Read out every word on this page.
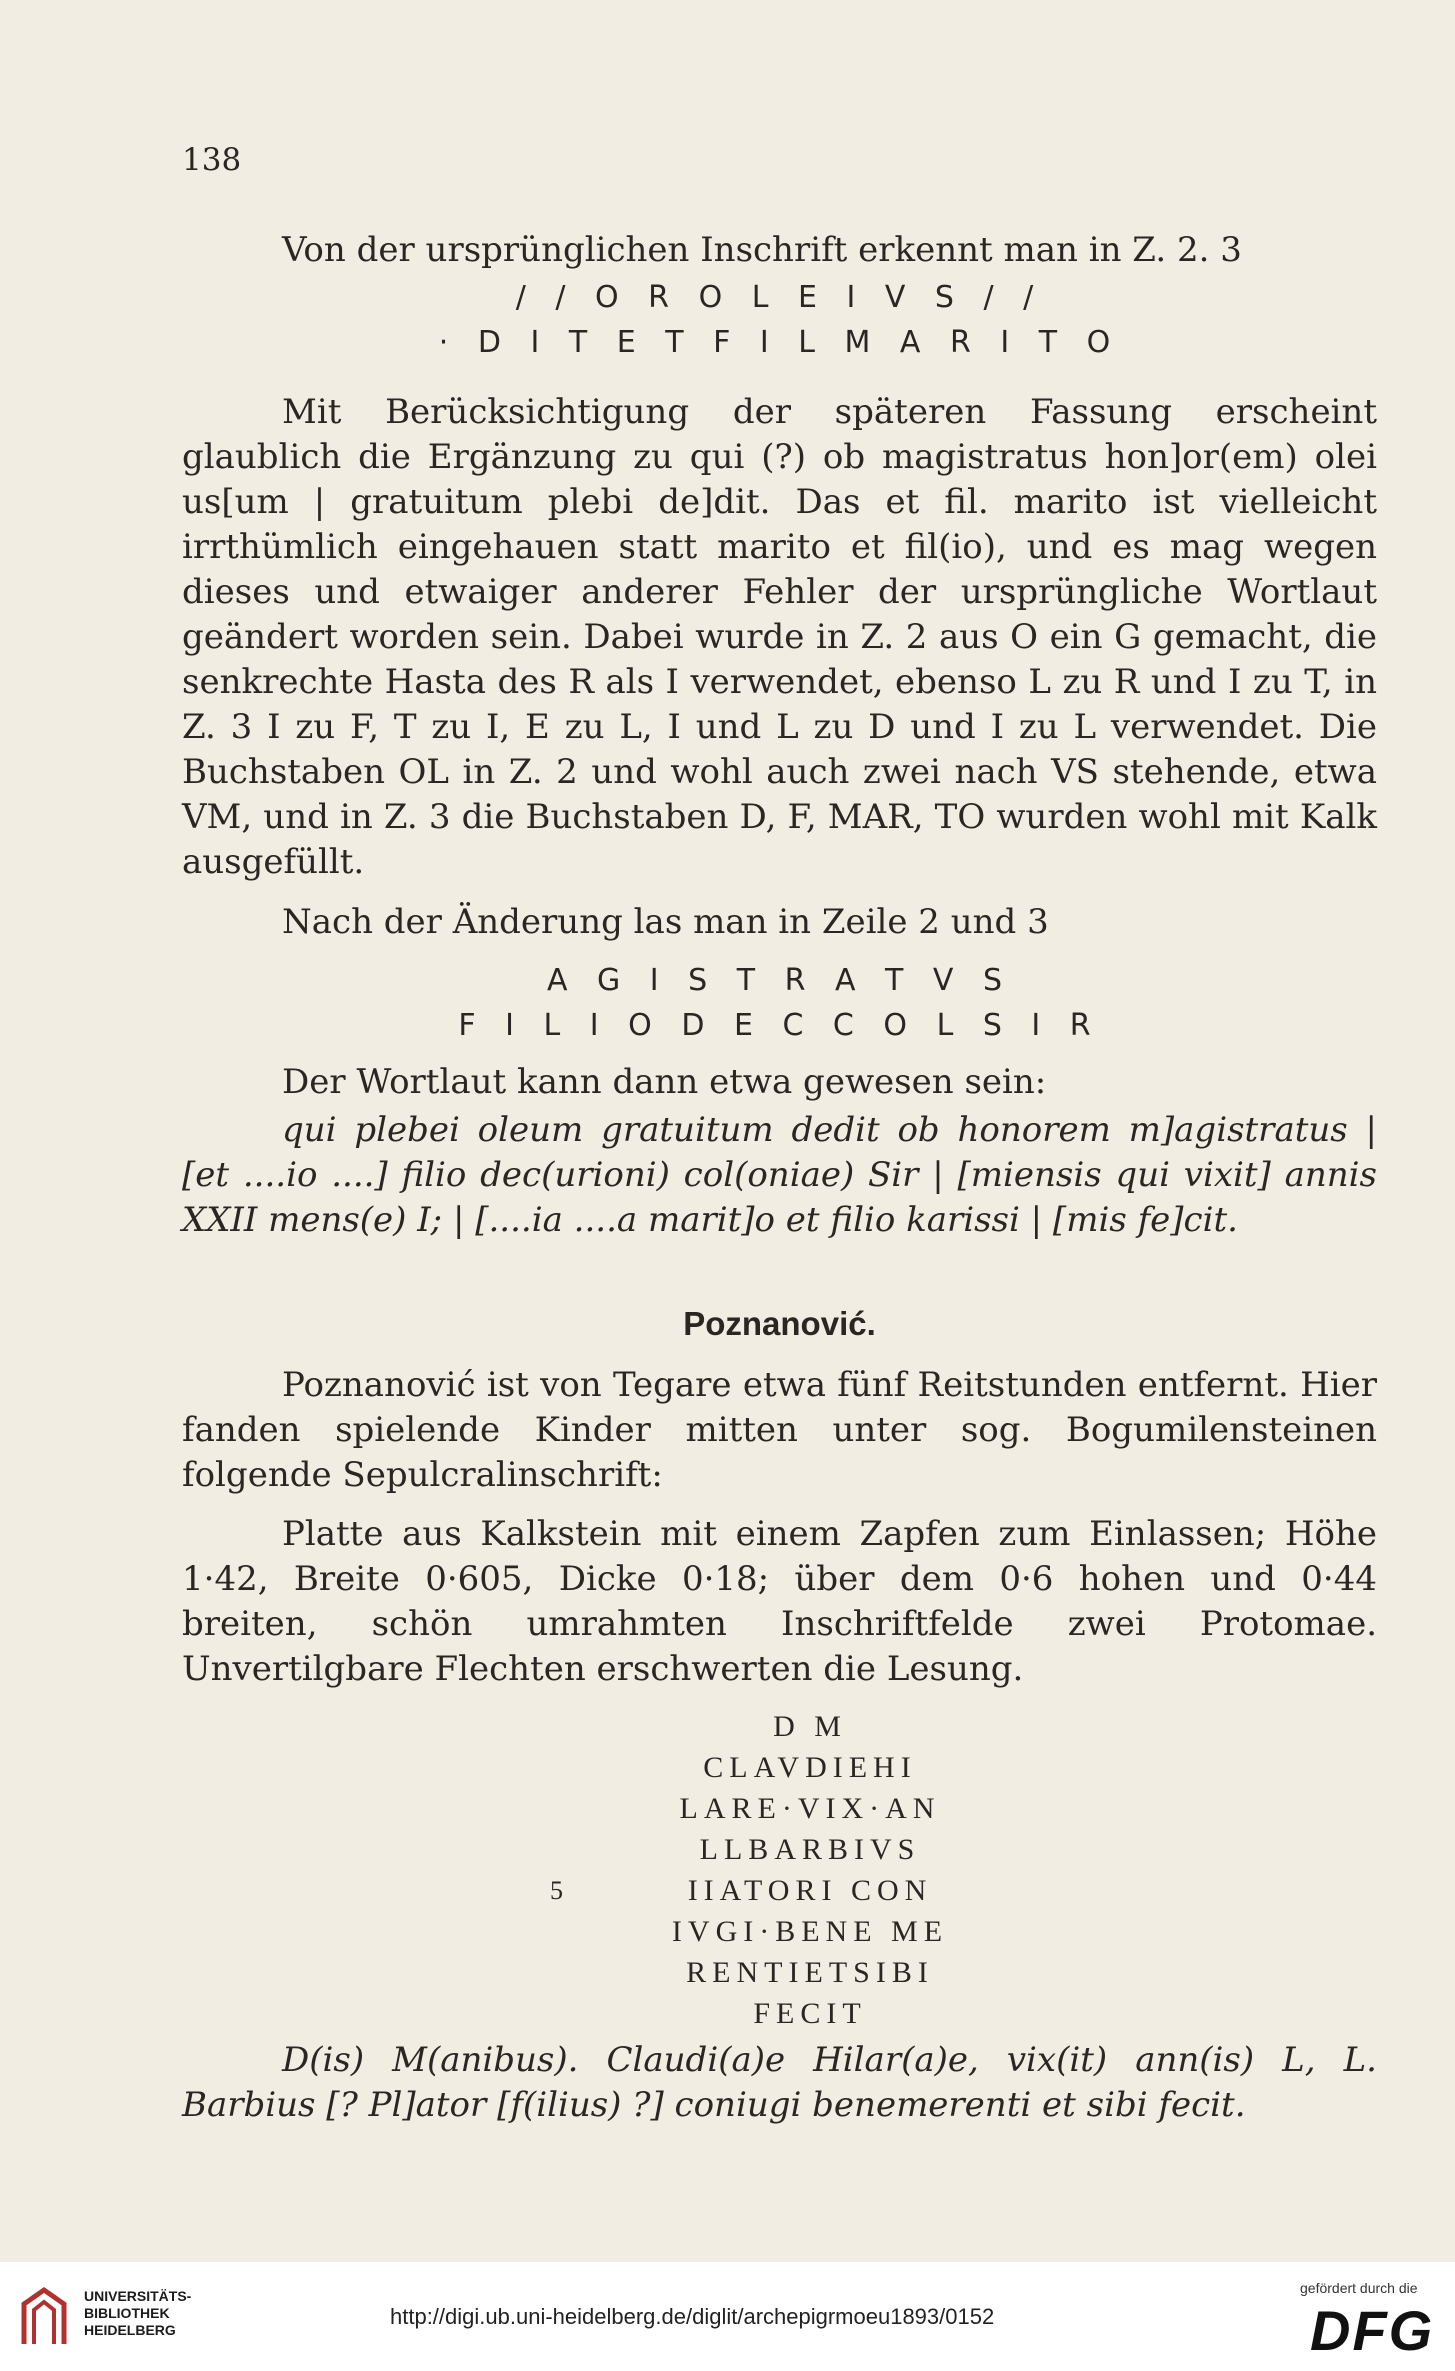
138

Von der ursprünglichen Inschrift erkennt man in Z. 2. 3

/ / O R O L E I V S / /
· D I T E T F I L M A R I T O

Mit Berücksichtigung der späteren Fassung erscheint glaublich die Ergänzung zu qui (?) ob magistratus hon]or(em) olei us[um | gratuitum plebi de]dit. Das et fil. marito ist vielleicht irrthümlich eingehauen statt marito et fil(io), und es mag wegen dieses und etwaiger anderer Fehler der ursprüngliche Wortlaut geändert worden sein. Dabei wurde in Z. 2 aus O ein G gemacht, die senkrechte Hasta des R als I verwendet, ebenso L zu R und I zu T, in Z. 3 I zu F, T zu I, E zu L, I und L zu D und I zu L verwendet. Die Buchstaben OL in Z. 2 und wohl auch zwei nach VS stehende, etwa VM, und in Z. 3 die Buchstaben D, F, MAR, TO wurden wohl mit Kalk ausgefüllt.

Nach der Änderung las man in Zeile 2 und 3

A G I S T R A T V S
F I L I O D E C C O L S I R

Der Wortlaut kann dann etwa gewesen sein:

qui plebei oleum gratuitum dedit ob honorem m]agistratus | [et ....io ....] filio dec(urioni) col(oniae) Sir | [miensis qui vixit] annis XXII mens(e) I; | [....ia ....a marit]o et filio karissi | [mis fe]cit.

Poznanović.

Poznanović ist von Tegare etwa fünf Reitstunden entfernt. Hier fanden spielende Kinder mitten unter sog. Bogumilensteinen folgende Sepulcralinschrift:

Platte aus Kalkstein mit einem Zapfen zum Einlassen; Höhe 1·42, Breite 0·605, Dicke 0·18; über dem 0·6 hohen und 0·44 breiten, schön umrahmten Inschriftfelde zwei Protomae. Unvertilgbare Flechten erschwerten die Lesung.

D M
CLAVDIEHI
LARE·VIX·AN
LLBARBIVS
5	IIATORI CON
IVGI·BENE ME
RENTIETSIBI
FECIT

D(is) M(anibus). Claudi(a)e Hilar(a)e, vix(it) ann(is) L, L. Barbius [? Pl]ator [f(ilius) ?] coniugi benemerenti et sibi fecit.

UNIVERSITÄTS-
BIBLIOTHEK
HEIDELBERG
http://digi.ub.uni-heidelberg.de/diglit/archepigrmoeu1893/0152
gefördert durch die
DFG
